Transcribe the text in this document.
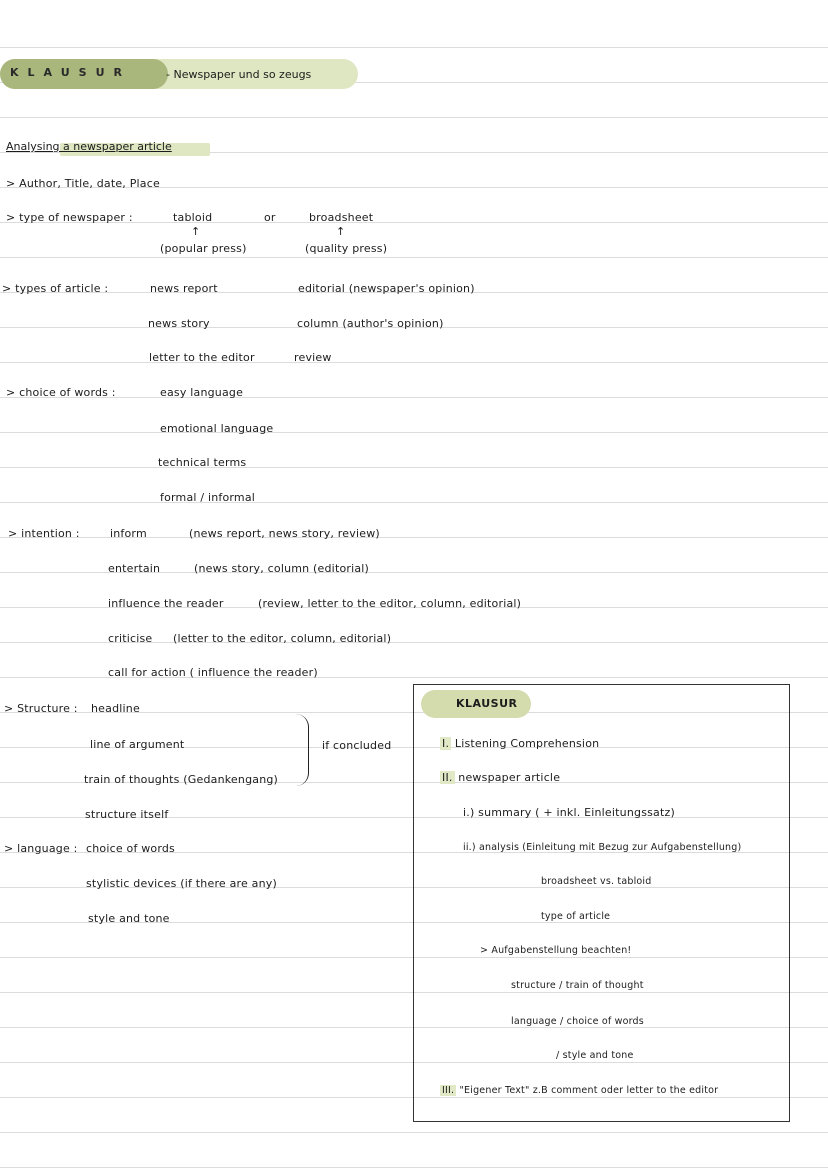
KLAUSUR	- Newspaper und so zeugs
Analysing a newspaper article
> Author, Title, date, Place
> type of newspaper :	tabloid	or	broadsheet
↑	↑
(popular press)	(quality press)
> types of article :	news report	editorial (newspaper's opinion)
news story	column (author's opinion)
letter to the editor	review
> choice of words :	easy language
emotional language
technical terms
formal / informal
> intention :	inform	(news report, news story, review)
entertain	(news story, column (editorial)
influence the reader	(review, letter to the editor, column, editorial)
criticise (letter to the editor, column, editorial)
call for action ( influence the reader)
> Structure : headline
line of argument
train of thoughts (Gedankengang)
if concluded
structure itself
> language : choice of words
stylistic devices (if there are any)
style and tone
KLAUSUR
I. Listening Comprehension
II. newspaper article
i.) summary ( + inkl. Einleitungssatz)
ii.) analysis (Einleitung mit Bezug zur Aufgabenstellung)
broadsheet vs. tabloid
type of article
> Aufgabenstellung beachten!
structure / train of thought
language / choice of words
/ style and tone
III. "Eigener Text" z.B comment oder letter to the editor
